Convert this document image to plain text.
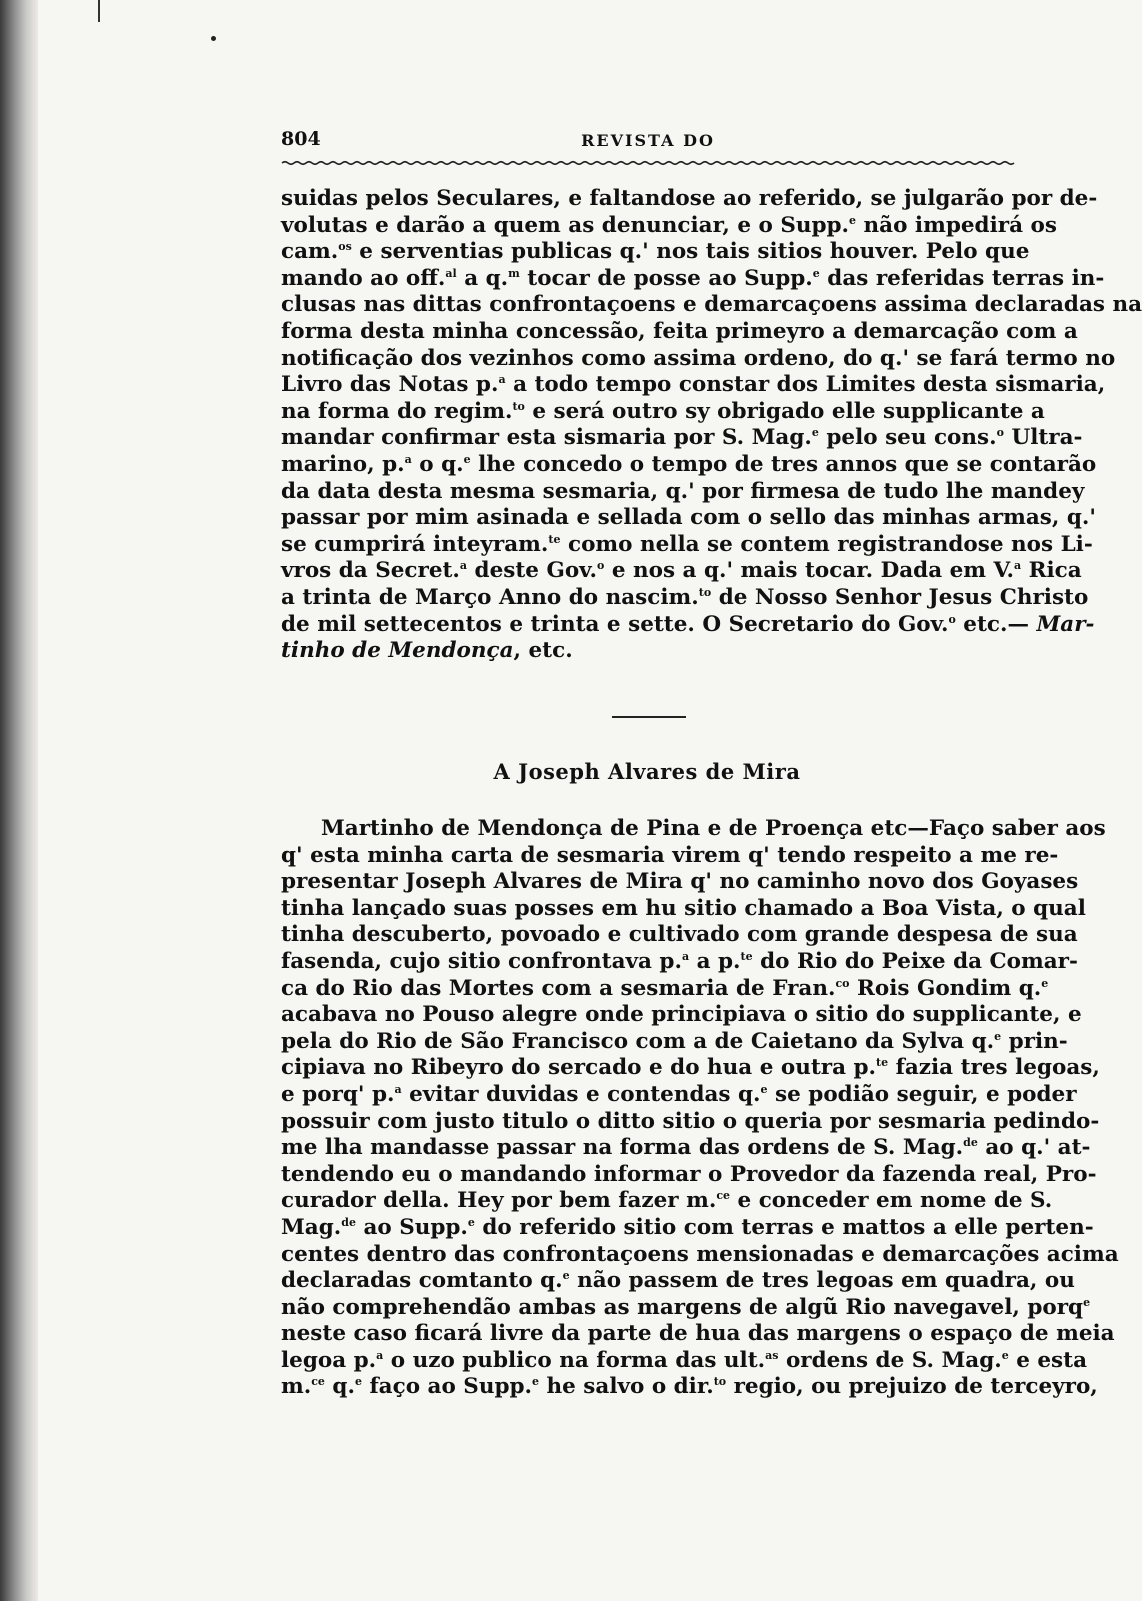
804	REVISTA DO
suidas pelos Seculares, e faltandose ao referido, se julgarão por de-
volutas e darão a quem as denunciar, e o Supp.$^e$ não impedirá os
cam.$^{os}$ e serventias publicas q.' nos tais sitios houver. Pelo que
mando ao off.$^{al}$ a q.$^m$ tocar de posse ao Supp.$^e$ das referidas terras in-
clusas nas dittas confrontaçoens e demarcaçoens assima declaradas na
forma desta minha concessão, feita primeyro a demarcação com a
notificação dos vezinhos como assima ordeno, do q.' se fará termo no
Livro das Notas p.$^a$ a todo tempo constar dos Limites desta sismaria,
na forma do regim.$^{to}$ e será outro sy obrigado elle supplicante a
mandar confirmar esta sismaria por S. Mag.$^e$ pelo seu cons.$^o$ Ultra-
marino, p.$^a$ o q.$^e$ lhe concedo o tempo de tres annos que se contarão
da data desta mesma sesmaria, q.' por firmesa de tudo lhe mandey
passar por mim asinada e sellada com o sello das minhas armas, q.'
se cumprirá inteyram.$^{te}$ como nella se contem registrandose nos Li-
vros da Secret.$^a$ deste Gov.$^o$ e nos a q.' mais tocar. Dada em V.$^a$ Rica
a trinta de Março Anno do nascim.$^{to}$ de Nosso Senhor Jesus Christo
de mil settecentos e trinta e sette. O Secretario do Gov.$^o$ etc.— Mar-
tinho de Mendonça, etc.
A Joseph Alvares de Mira
Martinho de Mendonça de Pina e de Proença etc—Faço saber aos
q' esta minha carta de sesmaria virem q' tendo respeito a me re-
presentar Joseph Alvares de Mira q' no caminho novo dos Goyases
tinha lançado suas posses em hu sitio chamado a Boa Vista, o qual
tinha descuberto, povoado e cultivado com grande despesa de sua
fasenda, cujo sitio confrontava p.$^a$ a p.$^{te}$ do Rio do Peixe da Comar-
ca do Rio das Mortes com a sesmaria de Fran.$^{co}$ Rois Gondim q.$^e$
acabava no Pouso alegre onde principiava o sitio do supplicante, e
pela do Rio de São Francisco com a de Caietano da Sylva q.$^e$ prin-
cipiava no Ribeyro do sercado e do hua e outra p.$^{te}$ fazia tres legoas,
e porq' p.$^a$ evitar duvidas e contendas q.$^e$ se podião seguir, e poder
possuir com justo titulo o ditto sitio o queria por sesmaria pedindo-
me lha mandasse passar na forma das ordens de S. Mag.$^{de}$ ao q.' at-
tendendo eu o mandando informar o Provedor da fazenda real, Pro-
curador della. Hey por bem fazer m.$^{ce}$ e conceder em nome de S.
Mag.$^{de}$ ao Supp.$^e$ do referido sitio com terras e mattos a elle perten-
centes dentro das confrontaçoens mensionadas e demarcações acima
declaradas comtanto q.$^e$ não passem de tres legoas em quadra, ou
não comprehendão ambas as margens de algũ Rio navegavel, porq$^e$
neste caso ficará livre da parte de hua das margens o espaço de meia
legoa p.$^a$ o uzo publico na forma das ult.$^{as}$ ordens de S. Mag.$^e$ e esta
m.$^{ce}$ q.$^e$ faço ao Supp.$^e$ he salvo o dir.$^{to}$ regio, ou prejuizo de terceyro,
